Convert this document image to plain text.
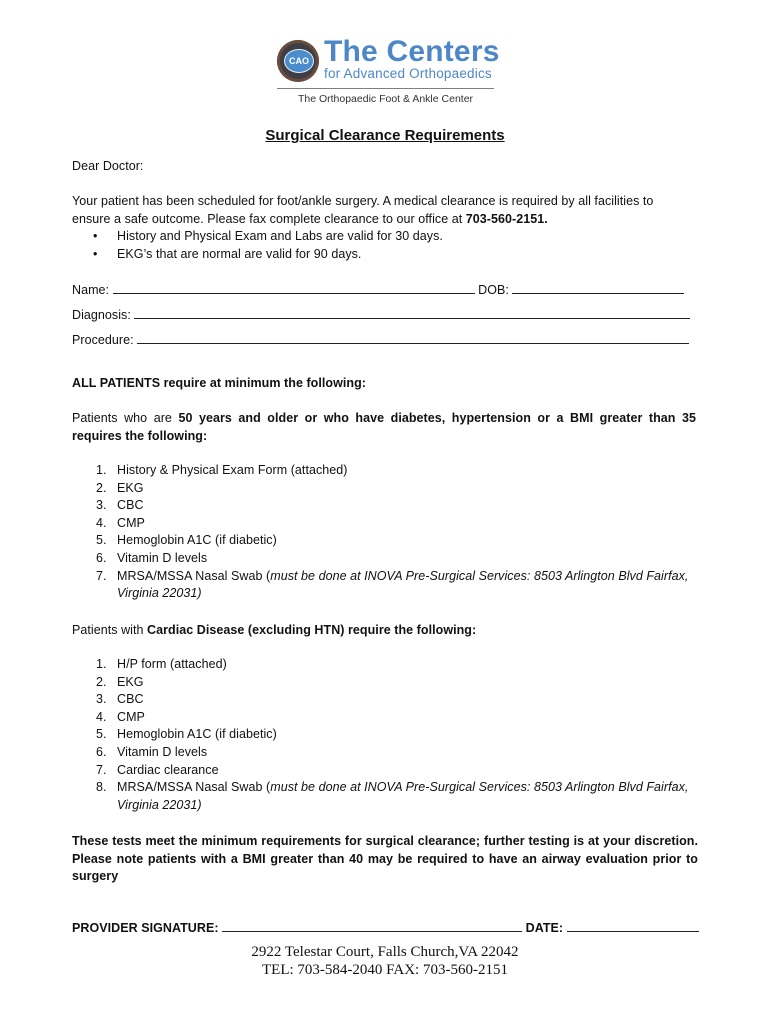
CAO The Centers
for Advanced Orthopaedics
The Orthopaedic Foot & Ankle Center
Surgical Clearance Requirements
Dear Doctor:
Your patient has been scheduled for foot/ankle surgery. A medical clearance is required by all facilities to ensure a safe outcome. Please fax complete clearance to our office at 703-560-2151.
• History and Physical Exam and Labs are valid for 30 days.
• EKG’s that are normal are valid for 90 days.
Name:	DOB:
Diagnosis:
Procedure:
ALL PATIENTS require at minimum the following:
Patients who are 50 years and older or who have diabetes, hypertension or a BMI greater than 35 requires the following:
History & Physical Exam Form (attached)
EKG
CBC
CMP
Hemoglobin A1C (if diabetic)
Vitamin D levels
MRSA/MSSA Nasal Swab (must be done at INOVA Pre-Surgical Services: 8503 Arlington Blvd Fairfax, Virginia 22031)
Patients with Cardiac Disease (excluding HTN) require the following:
H/P form (attached)
EKG
CBC
CMP
Hemoglobin A1C (if diabetic)
Vitamin D levels
Cardiac clearance
MRSA/MSSA Nasal Swab (must be done at INOVA Pre-Surgical Services: 8503 Arlington Blvd Fairfax, Virginia 22031)
These tests meet the minimum requirements for surgical clearance; further testing is at your discretion. Please note patients with a BMI greater than 40 may be required to have an airway evaluation prior to surgery
PROVIDER SIGNATURE:	DATE:
2922 Telestar Court, Falls Church,VA 22042
TEL: 703-584-2040 FAX: 703-560-2151
